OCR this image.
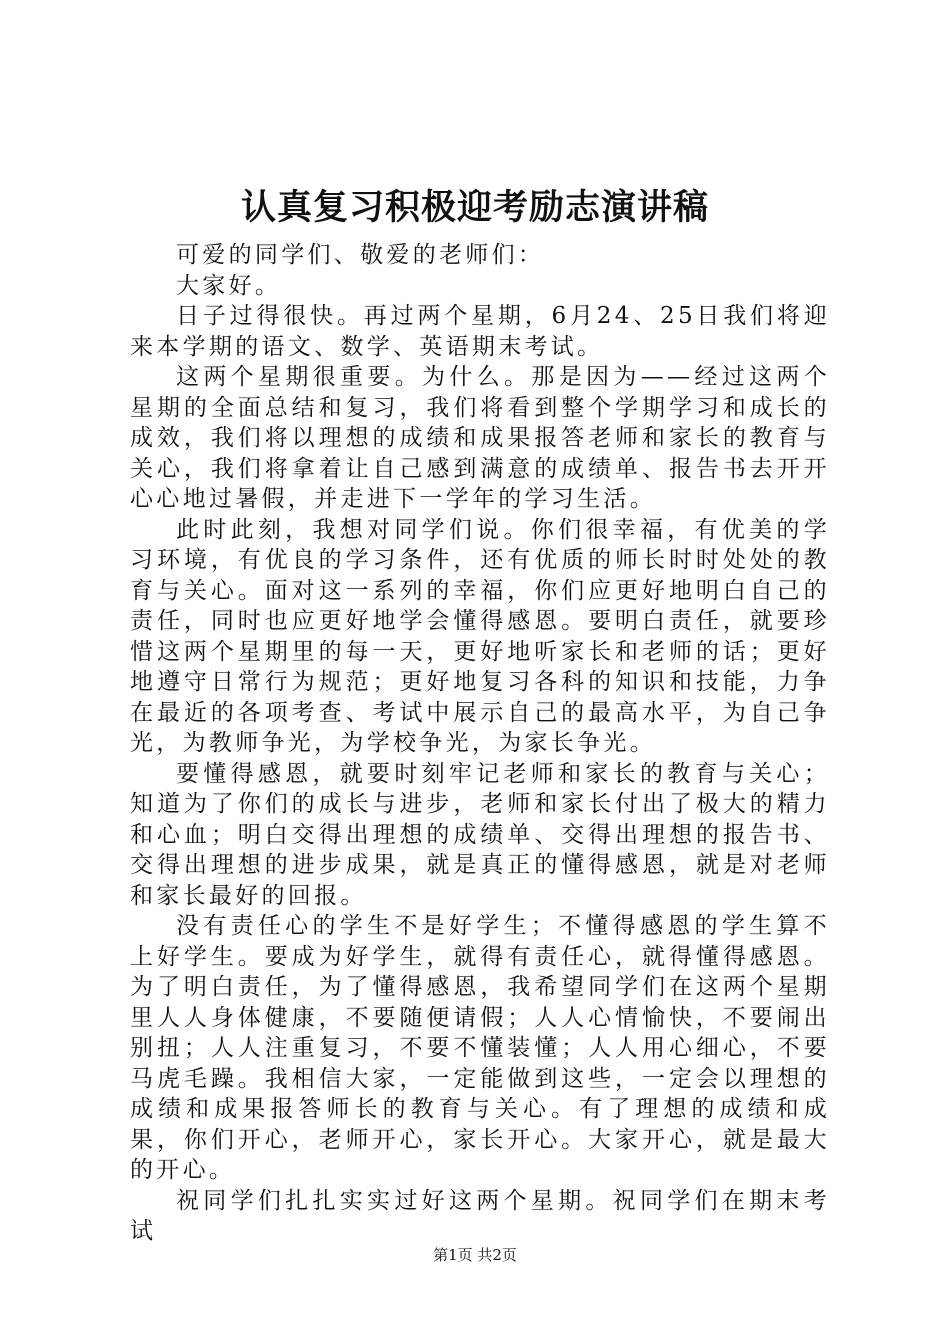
认真复习积极迎考励志演讲稿

可爱的同学们、敬爱的老师们：

大家好。

日子过得很快。再过两个星期，6月24、25日我们将迎来本学期的语文、数学、英语期末考试。

这两个星期很重要。为什么。那是因为——经过这两个星期的全面总结和复习，我们将看到整个学期学习和成长的成效，我们将以理想的成绩和成果报答老师和家长的教育与关心，我们将拿着让自己感到满意的成绩单、报告书去开开心心地过暑假，并走进下一学年的学习生活。

此时此刻，我想对同学们说。你们很幸福，有优美的学习环境，有优良的学习条件，还有优质的师长时时处处的教育与关心。面对这一系列的幸福，你们应更好地明白自己的责任，同时也应更好地学会懂得感恩。要明白责任，就要珍惜这两个星期里的每一天，更好地听家长和老师的话；更好地遵守日常行为规范；更好地复习各科的知识和技能，力争在最近的各项考查、考试中展示自己的最高水平，为自己争光，为教师争光，为学校争光，为家长争光。

要懂得感恩，就要时刻牢记老师和家长的教育与关心；知道为了你们的成长与进步，老师和家长付出了极大的精力和心血；明白交得出理想的成绩单、交得出理想的报告书、交得出理想的进步成果，就是真正的懂得感恩，就是对老师和家长最好的回报。

没有责任心的学生不是好学生；不懂得感恩的学生算不上好学生。要成为好学生，就得有责任心，就得懂得感恩。为了明白责任，为了懂得感恩，我希望同学们在这两个星期里人人身体健康，不要随便请假；人人心情愉快，不要闹出别扭；人人注重复习，不要不懂装懂；人人用心细心，不要马虎毛躁。我相信大家，一定能做到这些，一定会以理想的成绩和成果报答师长的教育与关心。有了理想的成绩和成果，你们开心，老师开心，家长开心。大家开心，就是最大的开心。

祝同学们扎扎实实过好这两个星期。祝同学们在期末考试

第1页 共2页
